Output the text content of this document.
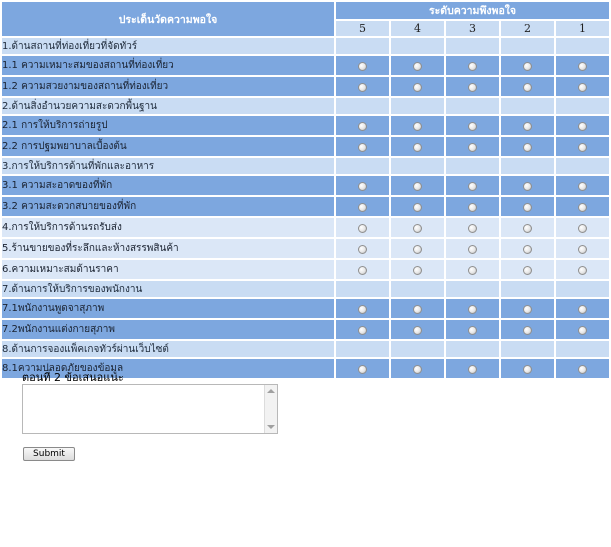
ประเด็นวัดความพอใจ	ระดับความพึงพอใจ				
	5	4	3	2	1
1.ด้านสถานที่ท่องเที่ยวที่จัดทัวร์					
1.1 ความเหมาะสมของสถานที่ท่องเที่ยว					
1.2 ความสวยงามของสถานที่ท่องเที่ยว					
2.ด้านสิ่งอำนวยความสะดวกพื้นฐาน					
2.1 การให้บริการถ่ายรูป					
2.2 การปฐมพยาบาลเบื้องต้น					
3.การให้บริการด้านที่พักและอาหาร					
3.1 ความสะอาดของที่พัก					
3.2 ความสะดวกสบายของที่พัก					
4.การให้บริการด้านรถรับส่ง					
5.ร้านขายของที่ระลึกและห้างสรรพสินค้า					
6.ความเหมาะสมด้านราคา					
7.ด้านการให้บริการของพนักงาน					
7.1พนักงานพูดจาสุภาพ					
7.2พนักงานแต่งกายสุภาพ					
8.ด้านการจองแพ็คเกจทัวร์ผ่านเว็บไซต์					
8.1ความปลอดภัยของข้อมูล					
ตอนที่ 2 ข้อเสนอแนะ
Submit
